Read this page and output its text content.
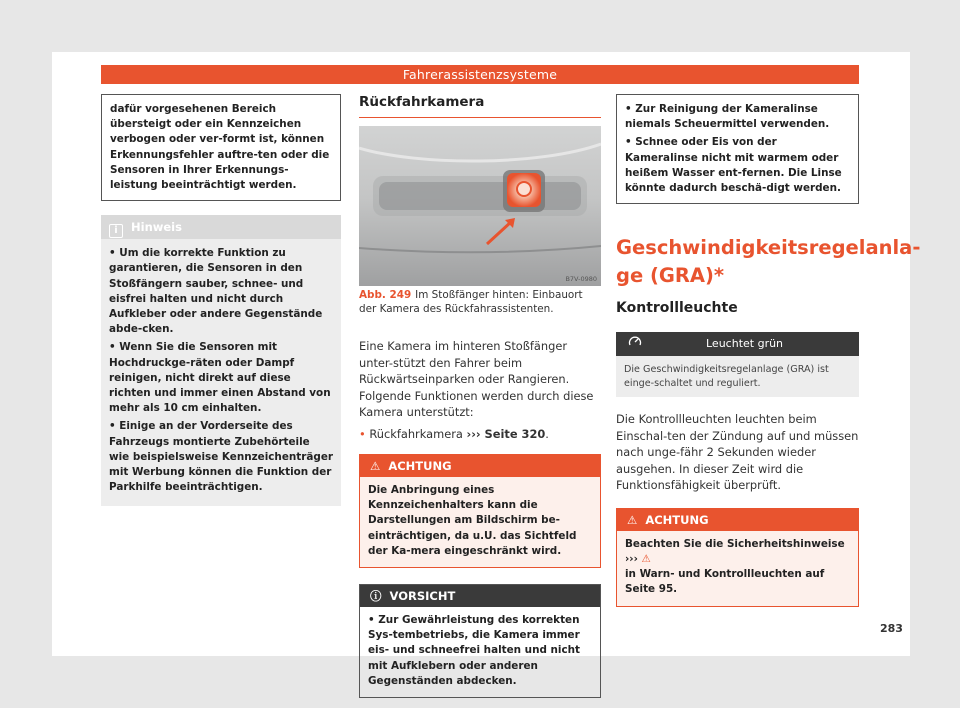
Fahrerassistenzsysteme
dafür vorgesehenen Bereich übersteigt oder ein Kennzeichen verbogen oder ver-formt ist, können Erkennungsfehler auftre-ten oder die Sensoren in Ihrer Erkennungs-leistung beeinträchtigt werden.
i Hinweis

• Um die korrekte Funktion zu garantieren, die Sensoren in den Stoßfängern sauber, schnee- und eisfrei halten und nicht durch Aufkleber oder andere Gegenstände abde-cken.

• Wenn Sie die Sensoren mit Hochdruckge-räten oder Dampf reinigen, nicht direkt auf diese richten und immer einen Abstand von mehr als 10 cm einhalten.

• Einige an der Vorderseite des Fahrzeugs montierte Zubehörteile wie beispielsweise Kennzeichenträger mit Werbung können die Funktion der Parkhilfe beeinträchtigen.

Rückfahrkamera
B7V-0980
Abb. 249 Im Stoßfänger hinten: Einbauort der Kamera des Rückfahrassistenten.
Eine Kamera im hinteren Stoßfänger unter-stützt den Fahrer beim Rückwärtseinparken oder Rangieren. Folgende Funktionen werden durch diese Kamera unterstützt:
• Rückfahrkamera ››› Seite 320.
⚠ ACHTUNG
Die Anbringung eines Kennzeichenhalters kann die Darstellungen am Bildschirm be-einträchtigen, da u.U. das Sichtfeld der Ka-mera eingeschränkt wird.
ⓘ VORSICHT
• Zur Gewährleistung des korrekten Sys-tembetriebs, die Kamera immer eis- und schneefrei halten und nicht mit Aufklebern oder anderen Gegenständen abdecken.

• Zur Reinigung der Kameralinse niemals Scheuermittel verwenden.

• Schnee oder Eis von der Kameralinse nicht mit warmem oder heißem Wasser ent-fernen. Die Linse könnte dadurch beschä-digt werden.

Geschwindigkeitsregelanla-
ge (GRA)*
Kontrollleuchte
Leuchtet grün
Die Geschwindigkeitsregelanlage (GRA) ist einge-schaltet und reguliert.
Die Kontrollleuchten leuchten beim Einschal-ten der Zündung auf und müssen nach unge-fähr 2 Sekunden wieder ausgehen. In dieser Zeit wird die Funktionsfähigkeit überprüft.
⚠ ACHTUNG
Beachten Sie die Sicherheitshinweise ››› ⚠
in Warn- und Kontrollleuchten auf Seite 95.
283
